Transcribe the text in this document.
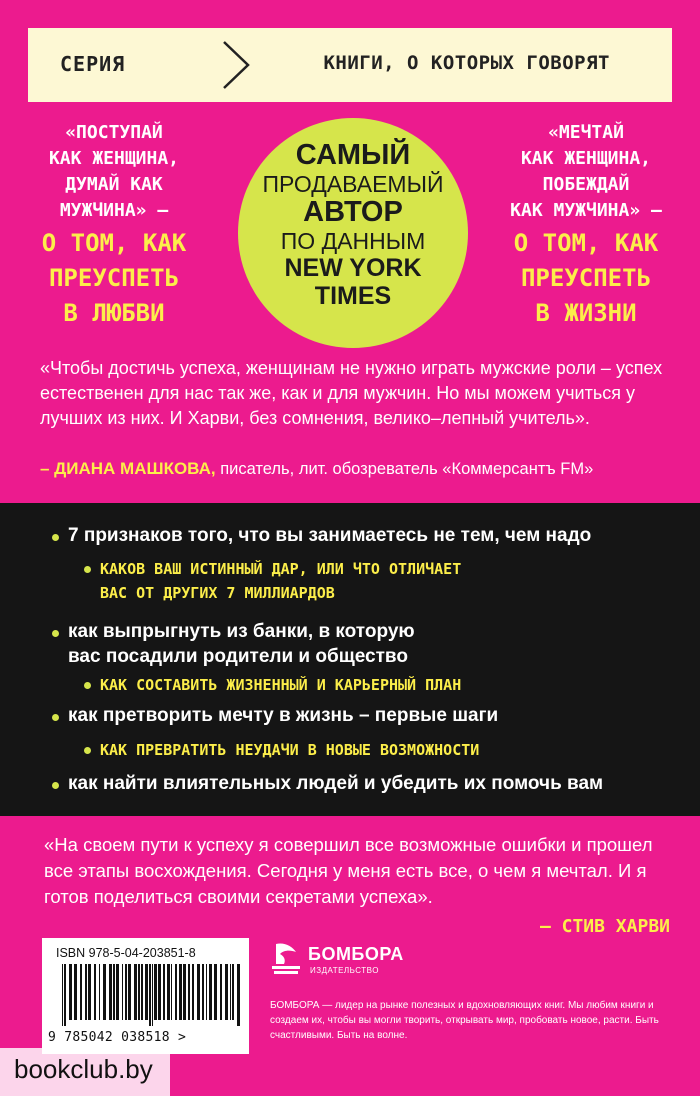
СЕРИЯ	КНИГИ, О КОТОРЫХ ГОВОРЯТ
«ПОСТУПАЙ
КАК ЖЕНЩИНА,
ДУМАЙ КАК
МУЖЧИНА» –
О ТОМ, КАК
ПРЕУСПЕТЬ
В ЛЮБВИ
САМЫЙ
ПРОДАВАЕМЫЙ
АВТОР
ПО ДАННЫМ
NEW YORK
TIMES
«МЕЧТАЙ
КАК ЖЕНЩИНА,
ПОБЕЖДАЙ
КАК МУЖЧИНА» –
О ТОМ, КАК
ПРЕУСПЕТЬ
В ЖИЗНИ

«Чтобы достичь успеха, женщинам не нужно играть мужские роли – успех естественен для нас так же, как и для мужчин. Но мы можем учиться у лучших из них. И Харви, без сомнения, велико–лепный учитель».

– ДИАНА МАШКОВА, писатель, лит. обозреватель «Коммерсантъ FM»
7 признаков того, что вы занимаетесь не тем, чем надо
КАКОВ ВАШ ИСТИННЫЙ ДАР, ИЛИ ЧТО ОТЛИЧАЕТ
ВАС ОТ ДРУГИХ 7 МИЛЛИАРДОВ
как выпрыгнуть из банки, в которую
вас посадили родители и общество
КАК СОСТАВИТЬ ЖИЗНЕННЫЙ И КАРЬЕРНЫЙ ПЛАН
как претворить мечту в жизнь – первые шаги
КАК ПРЕВРАТИТЬ НЕУДАЧИ В НОВЫЕ ВОЗМОЖНОСТИ
как найти влиятельных людей и убедить их помочь вам

«На своем пути к успеху я совершил все возможные ошибки и прошел все этапы восхождения. Сегодня у меня есть все, о чем я мечтал. И я готов поделиться своими секретами успеха».

– СТИВ ХАРВИ
ISBN 978-5-04-203851-8
9 785042 038518 >
БОМБОРА
ИЗДАТЕЛЬСТВО

БОМБОРА — лидер на рынке полезных и вдохновляющих книг. Мы любим книги и создаем их, чтобы вы могли творить, открывать мир, пробовать новое, расти. Быть счастливыми. Быть на волне.

bookclub.by
